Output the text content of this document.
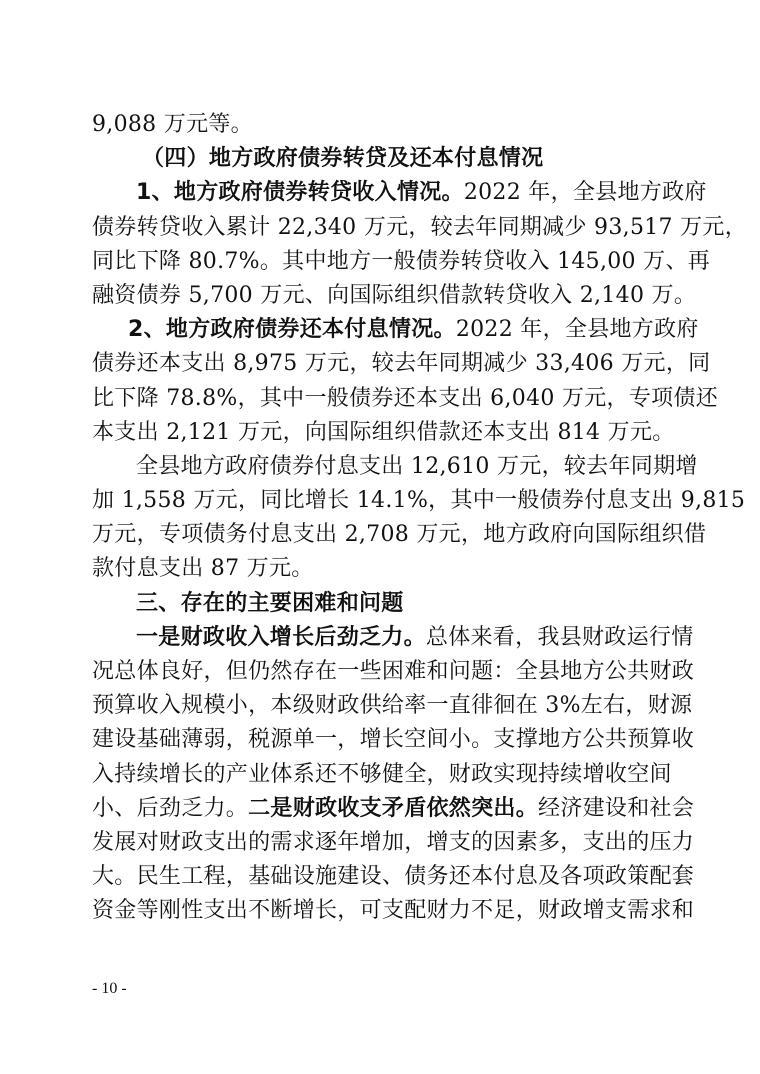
9,088 万元等。
（四）地方政府债券转贷及还本付息情况
1、地方政府债券转贷收入情况。2022 年，全县地方政府
债券转贷收入累计 22,340 万元，较去年同期减少 93,517 万元，
同比下降 80.7%。其中地方一般债券转贷收入 145,00 万、再
融资债券 5,700 万元、向国际组织借款转贷收入 2,140 万。
2、地方政府债券还本付息情况。2022 年，全县地方政府
债券还本支出 8,975 万元，较去年同期减少 33,406 万元，同
比下降 78.8%，其中一般债券还本支出 6,040 万元，专项债还
本支出 2,121 万元，向国际组织借款还本支出 814 万元。
全县地方政府债券付息支出 12,610 万元，较去年同期增
加 1,558 万元，同比增长 14.1%，其中一般债券付息支出 9,815
万元，专项债务付息支出 2,708 万元，地方政府向国际组织借
款付息支出 87 万元。
三、存在的主要困难和问题
一是财政收入增长后劲乏力。总体来看，我县财政运行情
况总体良好，但仍然存在一些困难和问题：全县地方公共财政
预算收入规模小，本级财政供给率一直徘徊在 3%左右，财源
建设基础薄弱，税源单一，增长空间小。支撑地方公共预算收
入持续增长的产业体系还不够健全，财政实现持续增收空间
小、后劲乏力。二是财政收支矛盾依然突出。经济建设和社会
发展对财政支出的需求逐年增加，增支的因素多，支出的压力
大。民生工程，基础设施建设、债务还本付息及各项政策配套
资金等刚性支出不断增长，可支配财力不足，财政增支需求和
- 10 -
